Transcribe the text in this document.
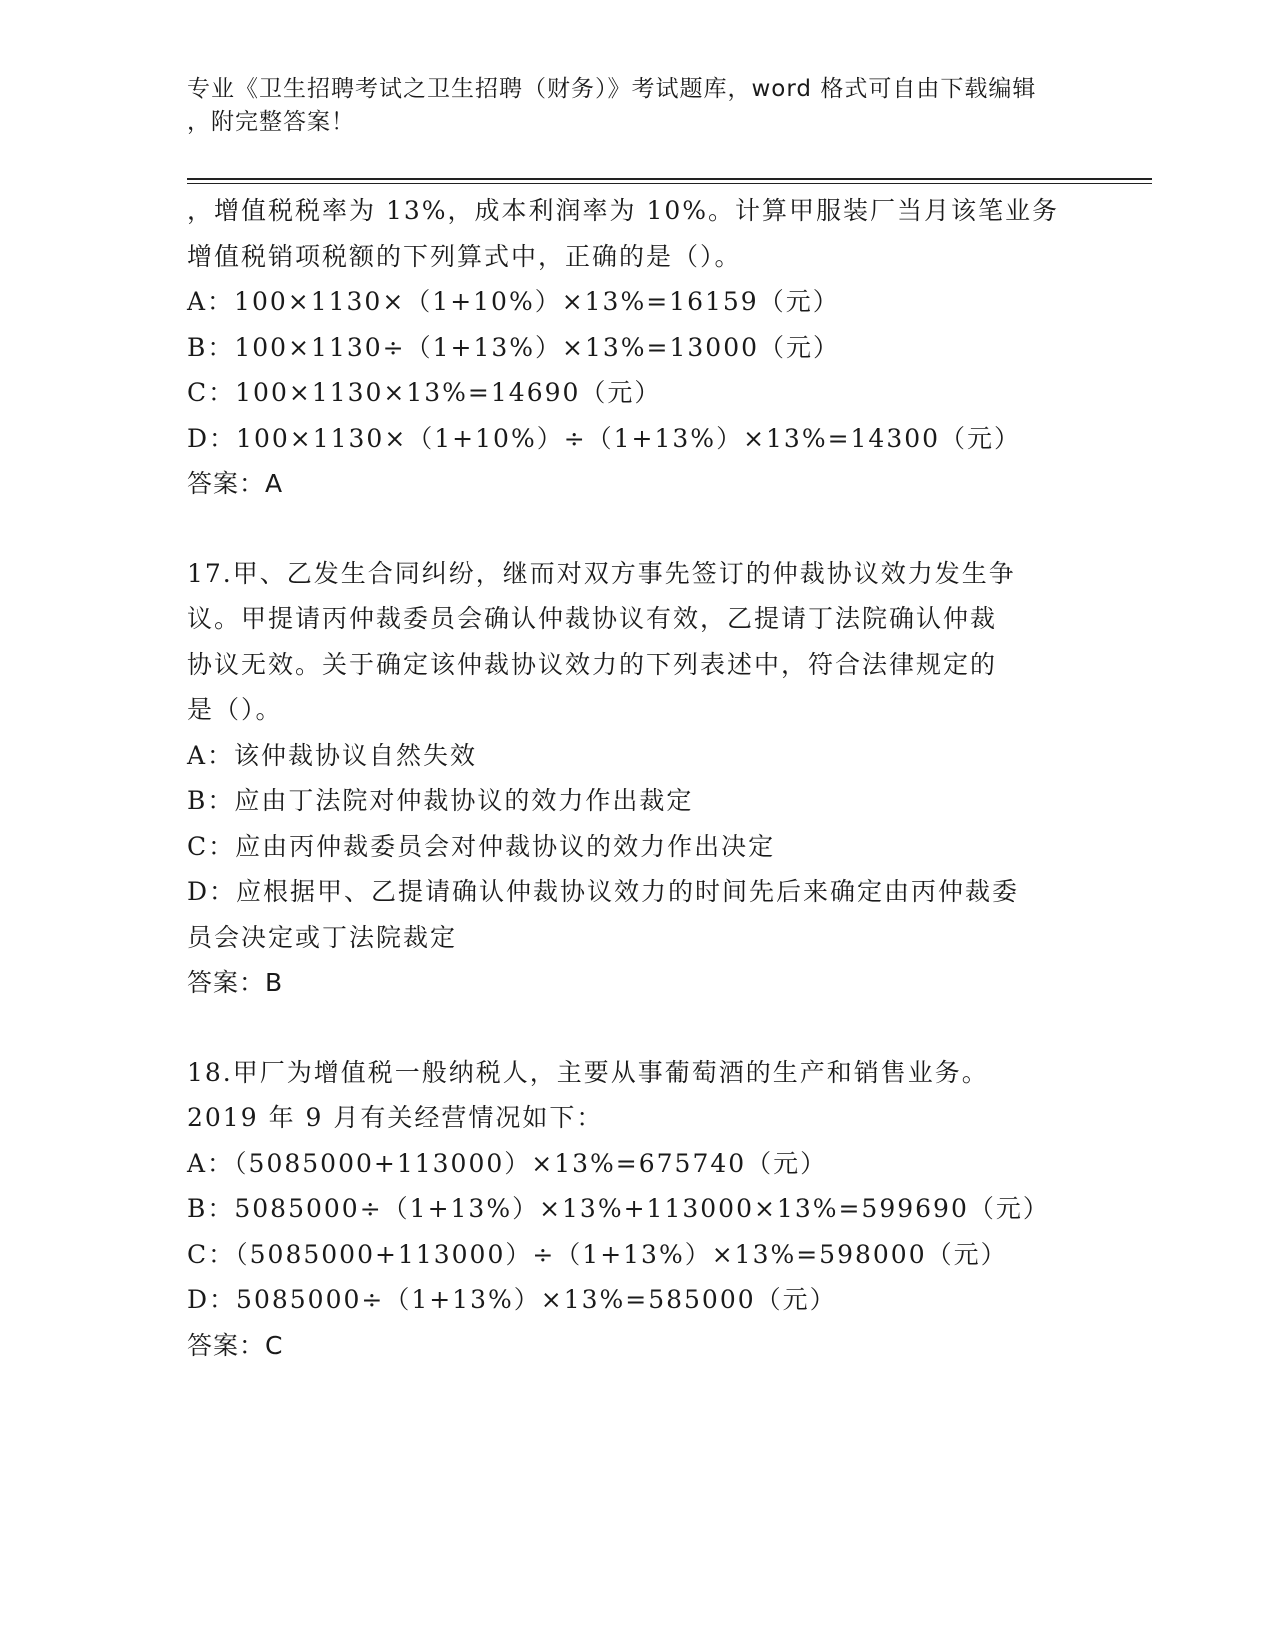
专业《卫生招聘考试之卫生招聘（财务）》考试题库，word 格式可自由下载编辑
，附完整答案！
，增值税税率为 13%，成本利润率为 10%。计算甲服装厂当月该笔业务
增值税销项税额的下列算式中，正确的是（）。
A：100×1130×（1+10%）×13%=16159（元）
B：100×1130÷（1+13%）×13%=13000（元）
C：100×1130×13%=14690（元）
D：100×1130×（1+10%）÷（1+13%）×13%=14300（元）
答案：A
17.甲、乙发生合同纠纷，继而对双方事先签订的仲裁协议效力发生争
议。甲提请丙仲裁委员会确认仲裁协议有效，乙提请丁法院确认仲裁
协议无效。关于确定该仲裁协议效力的下列表述中，符合法律规定的
是（）。
A：该仲裁协议自然失效
B：应由丁法院对仲裁协议的效力作出裁定
C：应由丙仲裁委员会对仲裁协议的效力作出决定
D：应根据甲、乙提请确认仲裁协议效力的时间先后来确定由丙仲裁委
员会决定或丁法院裁定
答案：B
18.甲厂为增值税一般纳税人，主要从事葡萄酒的生产和销售业务。
2019 年 9 月有关经营情况如下：
A：（5085000+113000）×13%=675740（元）
B：5085000÷（1+13%）×13%+113000×13%=599690（元）
C：（5085000+113000）÷（1+13%）×13%=598000（元）
D：5085000÷（1+13%）×13%=585000（元）
答案：C
